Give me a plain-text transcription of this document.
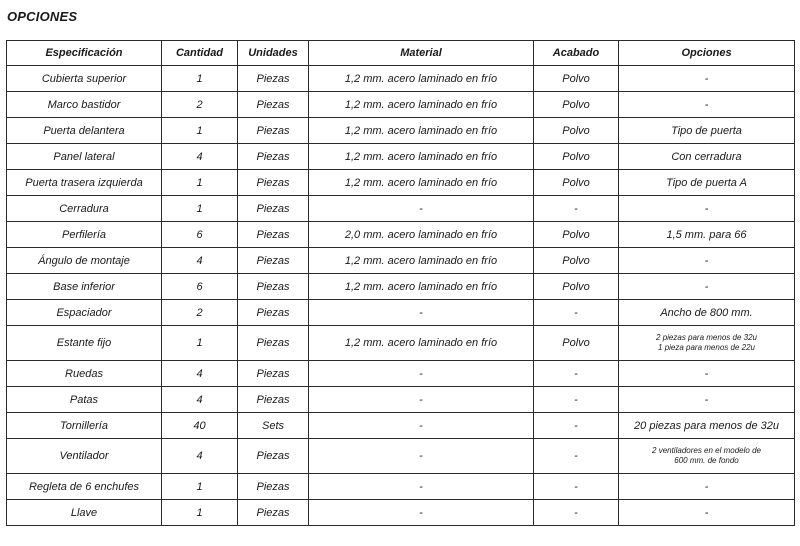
OPCIONES
Especificación	Cantidad	Unidades	Material	Acabado	Opciones
Cubierta superior	1	Piezas	1,2 mm. acero laminado en frío	Polvo	-
Marco bastidor	2	Piezas	1,2 mm. acero laminado en frío	Polvo	-
Puerta delantera	1	Piezas	1,2 mm. acero laminado en frío	Polvo	Tipo de puerta
Panel lateral	4	Piezas	1,2 mm. acero laminado en frío	Polvo	Con cerradura
Puerta trasera izquierda	1	Piezas	1,2 mm. acero laminado en frío	Polvo	Tipo de puerta A
Cerradura	1	Piezas	-	-	-
Perfilería	6	Piezas	2,0 mm. acero laminado en frío	Polvo	1,5 mm. para 66
Ángulo de montaje	4	Piezas	1,2 mm. acero laminado en frío	Polvo	-
Base inferior	6	Piezas	1,2 mm. acero laminado en frío	Polvo	-
Espaciador	2	Piezas	-	-	Ancho de 800 mm.
Estante fijo	1	Piezas	1,2 mm. acero laminado en frío	Polvo	2 piezas para menos de 32u
1 pieza para menos de 22u

Ruedas	4	Piezas	-	-	-
Patas	4	Piezas	-	-	-
Tornillería	40	Sets	-	-	20 piezas para menos de 32u
Ventilador	4	Piezas	-	-	2 ventiladores en el modelo de
600 mm. de fondo

Regleta de 6 enchufes	1	Piezas	-	-	-
Llave	1	Piezas	-	-	-
